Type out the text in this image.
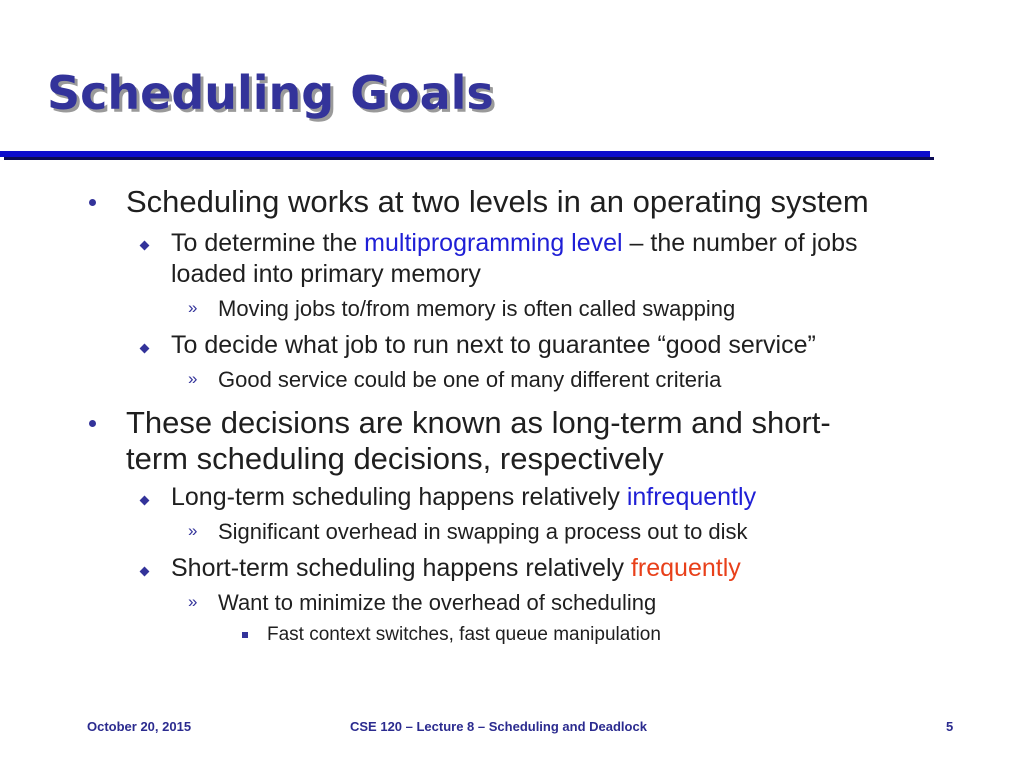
Scheduling Goals
Scheduling works at two levels in an operating system
To determine the multiprogramming level – the number of jobs
loaded into primary memory
» Moving jobs to/from memory is often called swapping
To decide what job to run next to guarantee “good service”
» Good service could be one of many different criteria
These decisions are known as long-term and short-
term scheduling decisions, respectively
Long-term scheduling happens relatively infrequently
» Significant overhead in swapping a process out to disk
Short-term scheduling happens relatively frequently
» Want to minimize the overhead of scheduling
Fast context switches, fast queue manipulation
October 20, 2015	CSE 120 – Lecture 8 – Scheduling and Deadlock	5
